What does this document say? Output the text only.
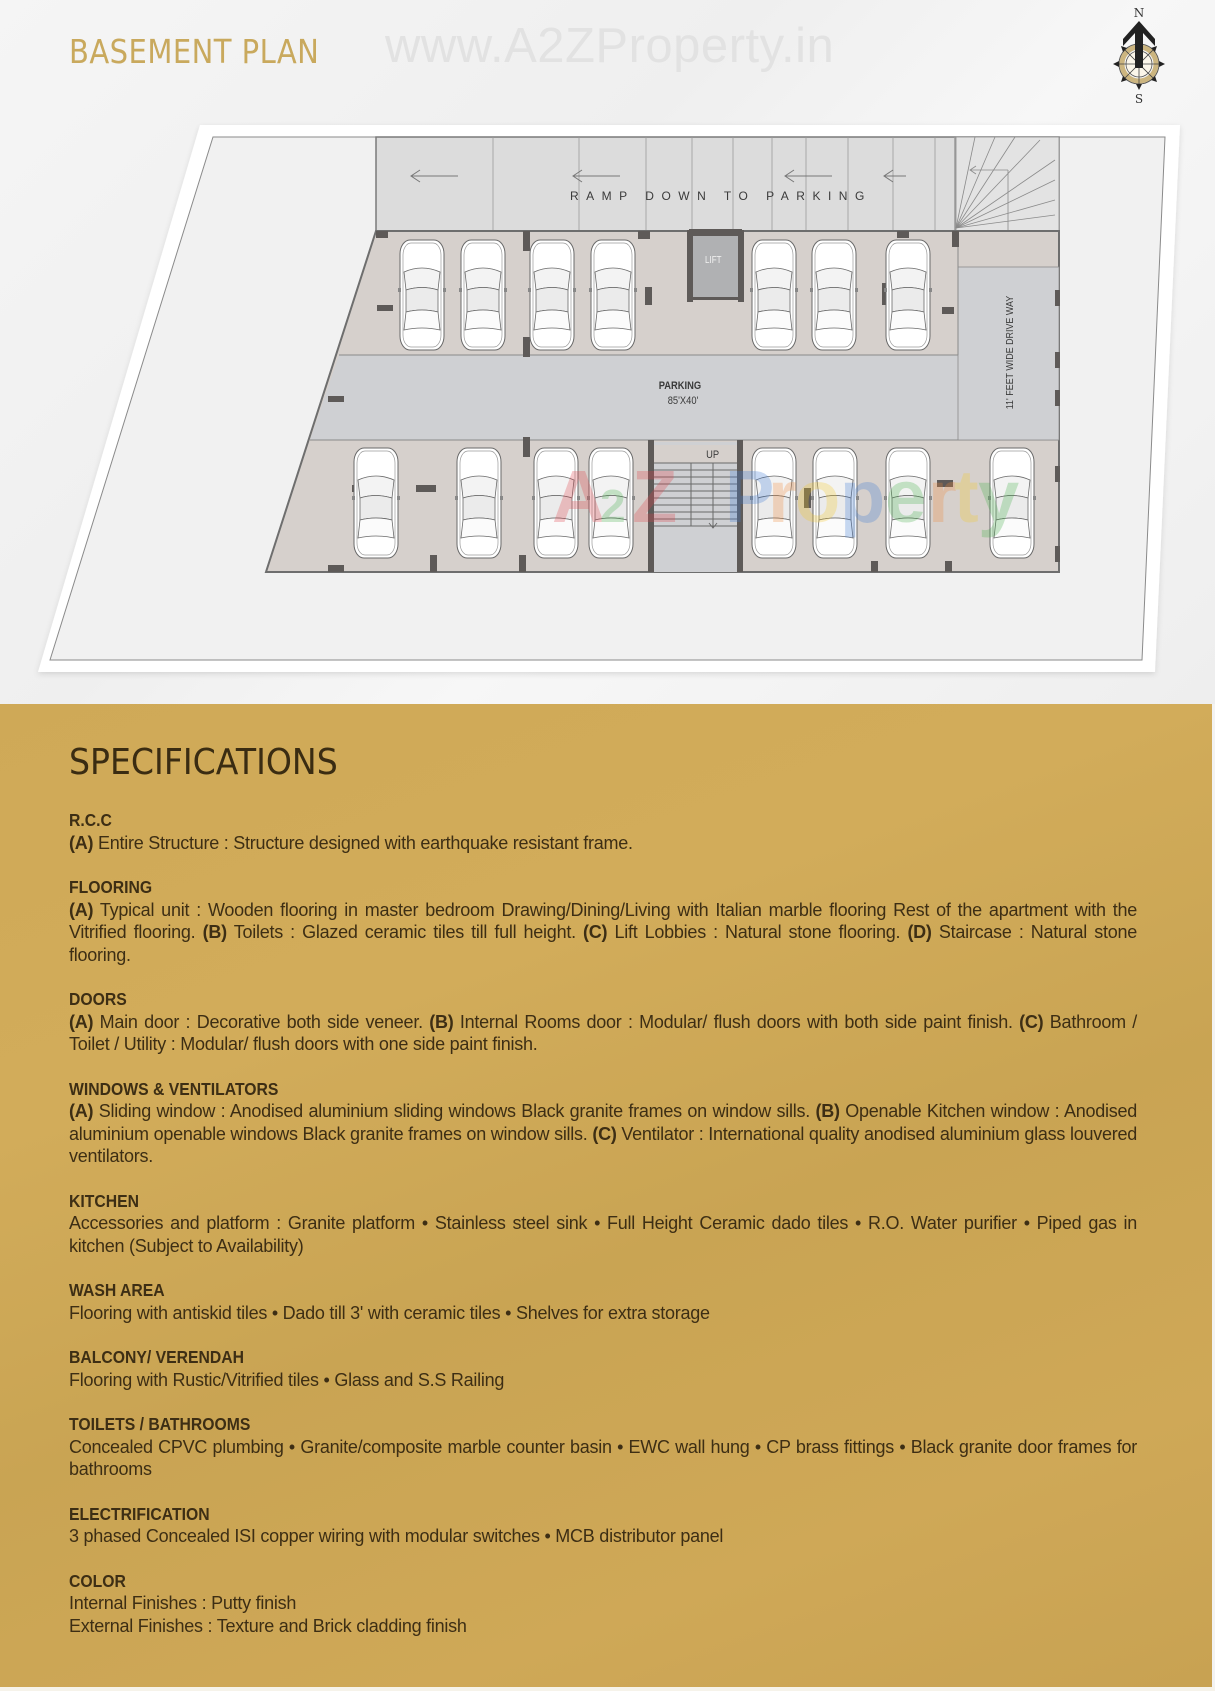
A
2 Z P
r
o p e r
t y
RAMP DOWN TO PARKING
PARKING
85'X40'
LIFT
UP
11' FEET WIDE DRIVE WAY
BASEMENT PLAN www.A2ZProperty.in
N
S
SPECIFICATIONS
R.C.C
(A) Entire Structure : Structure designed with earthquake resistant frame.
FLOORING
(A) Typical unit : Wooden flooring in master bedroom Drawing/Dining/Living with Italian marble flooring Rest of the apartment with the Vitrified flooring. (B) Toilets : Glazed ceramic tiles till full height. (C) Lift Lobbies : Natural stone flooring. (D) Staircase : Natural stone flooring.
DOORS
(A) Main door : Decorative both side veneer. (B) Internal Rooms door : Modular/ flush doors with both side paint finish. (C) Bathroom / Toilet / Utility : Modular/ flush doors with one side paint finish.
WINDOWS & VENTILATORS
(A) Sliding window : Anodised aluminium sliding windows Black granite frames on window sills. (B) Openable Kitchen window : Anodised aluminium openable windows Black granite frames on window sills. (C) Ventilator : International quality anodised aluminium glass louvered ventilators.
KITCHEN
Accessories and platform : Granite platform • Stainless steel sink • Full Height Ceramic dado tiles • R.O. Water purifier • Piped gas in kitchen (Subject to Availability)
WASH AREA
Flooring with antiskid tiles • Dado till 3' with ceramic tiles • Shelves for extra storage
BALCONY/ VERENDAH
Flooring with Rustic/Vitrified tiles • Glass and S.S Railing
TOILETS / BATHROOMS
Concealed CPVC plumbing • Granite/composite marble counter basin • EWC wall hung • CP brass fittings • Black granite door frames for bathrooms
ELECTRIFICATION
3 phased Concealed ISI copper wiring with modular switches • MCB distributor panel
COLOR
Internal Finishes : Putty finish
External Finishes : Texture and Brick cladding finish
